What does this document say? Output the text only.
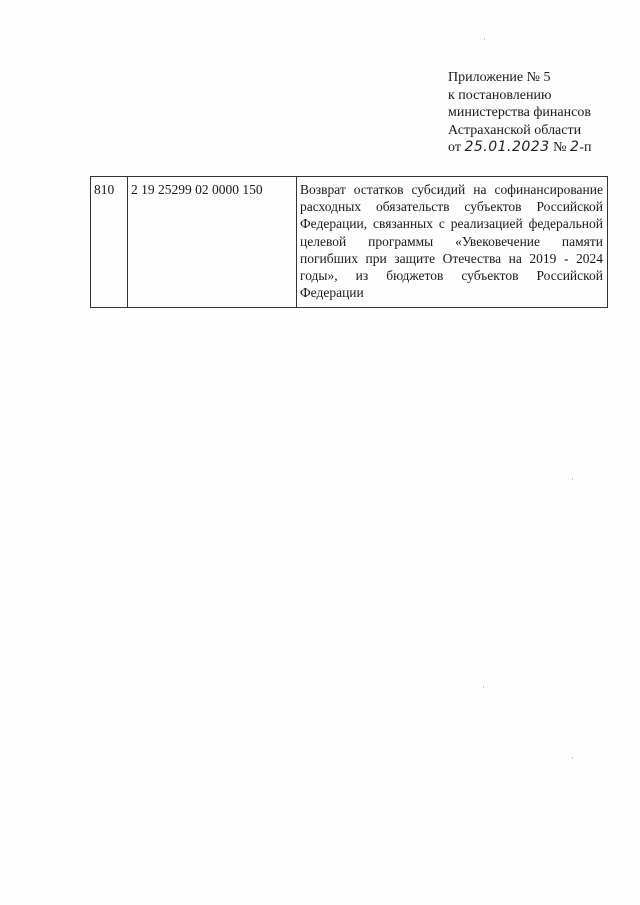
Приложение № 5
к постановлению
министерства финансов
Астраханской области
от 25.01.2023 № 2-п
810	2 19 25299 02 0000 150	Возврат остатков субсидий на софинансирование расходных обязательств субъектов Российской Федерации, связанных с реализацией федеральной целевой программы «Увековечение памяти погибших при защите Отечества на 2019 - 2024 годы», из бюджетов субъектов Российской Федерации
